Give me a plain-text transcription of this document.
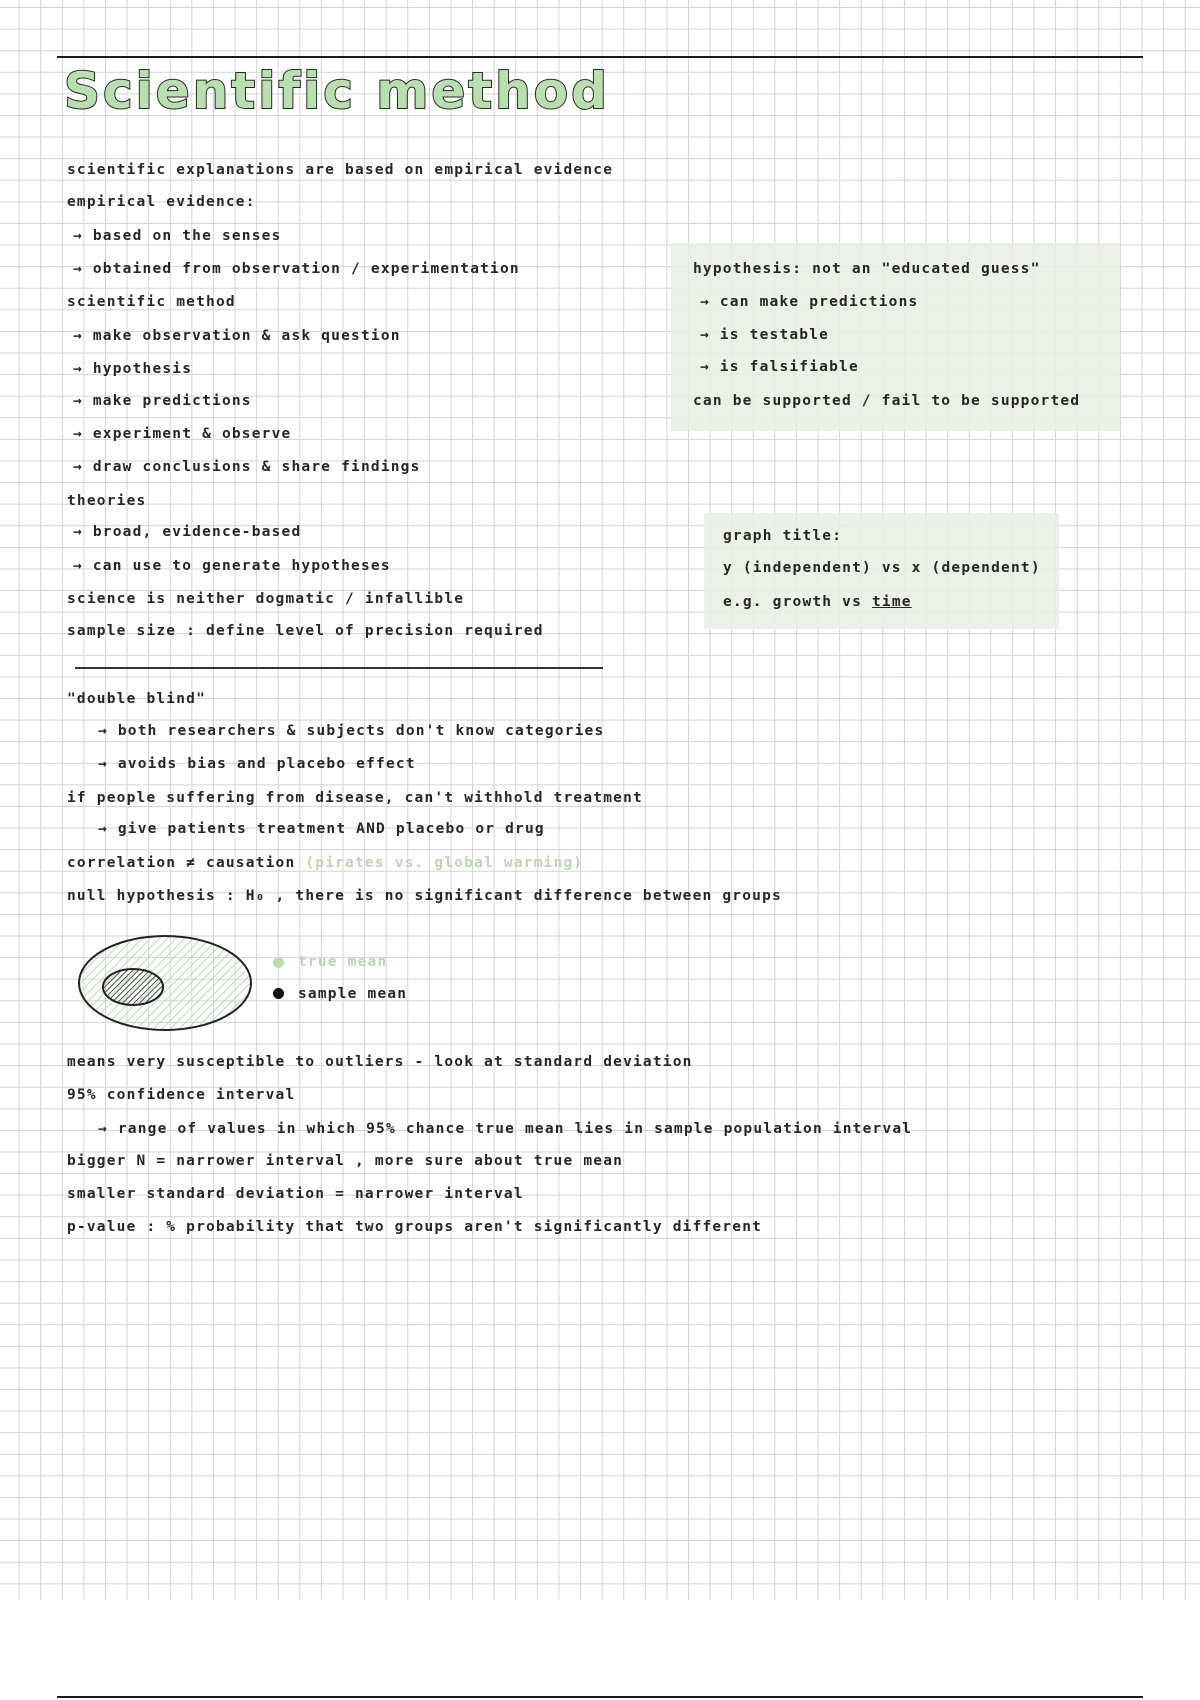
Scientific method
scientific explanations are based on empirical evidence
empirical evidence:
→ based on the senses
→ obtained from observation / experimentation
scientific method
→ make observation & ask question
→ hypothesis
→ make predictions
→ experiment & observe
→ draw conclusions & share findings
theories
→ broad, evidence-based
→ can use to generate hypotheses
science is neither dogmatic / infallible
sample size : define level of precision required
"double blind"
→ both researchers & subjects don't know categories
→ avoids bias and placebo effect
if people suffering from disease, can't withhold treatment
→ give patients treatment AND placebo or drug
correlation ≠ causation (pirates vs. global warming)
null hypothesis : H₀ , there is no significant difference between groups
true mean
sample mean
means very susceptible to outliers - look at standard deviation
95% confidence interval
→ range of values in which 95% chance true mean lies in sample population interval
bigger N = narrower interval , more sure about true mean
smaller standard deviation = narrower interval
p-value : % probability that two groups aren't significantly different
hypothesis: not an "educated guess"
→ can make predictions
→ is testable
→ is falsifiable
can be supported / fail to be supported
graph title:
y (independent) vs x (dependent)
e.g. growth vs time
